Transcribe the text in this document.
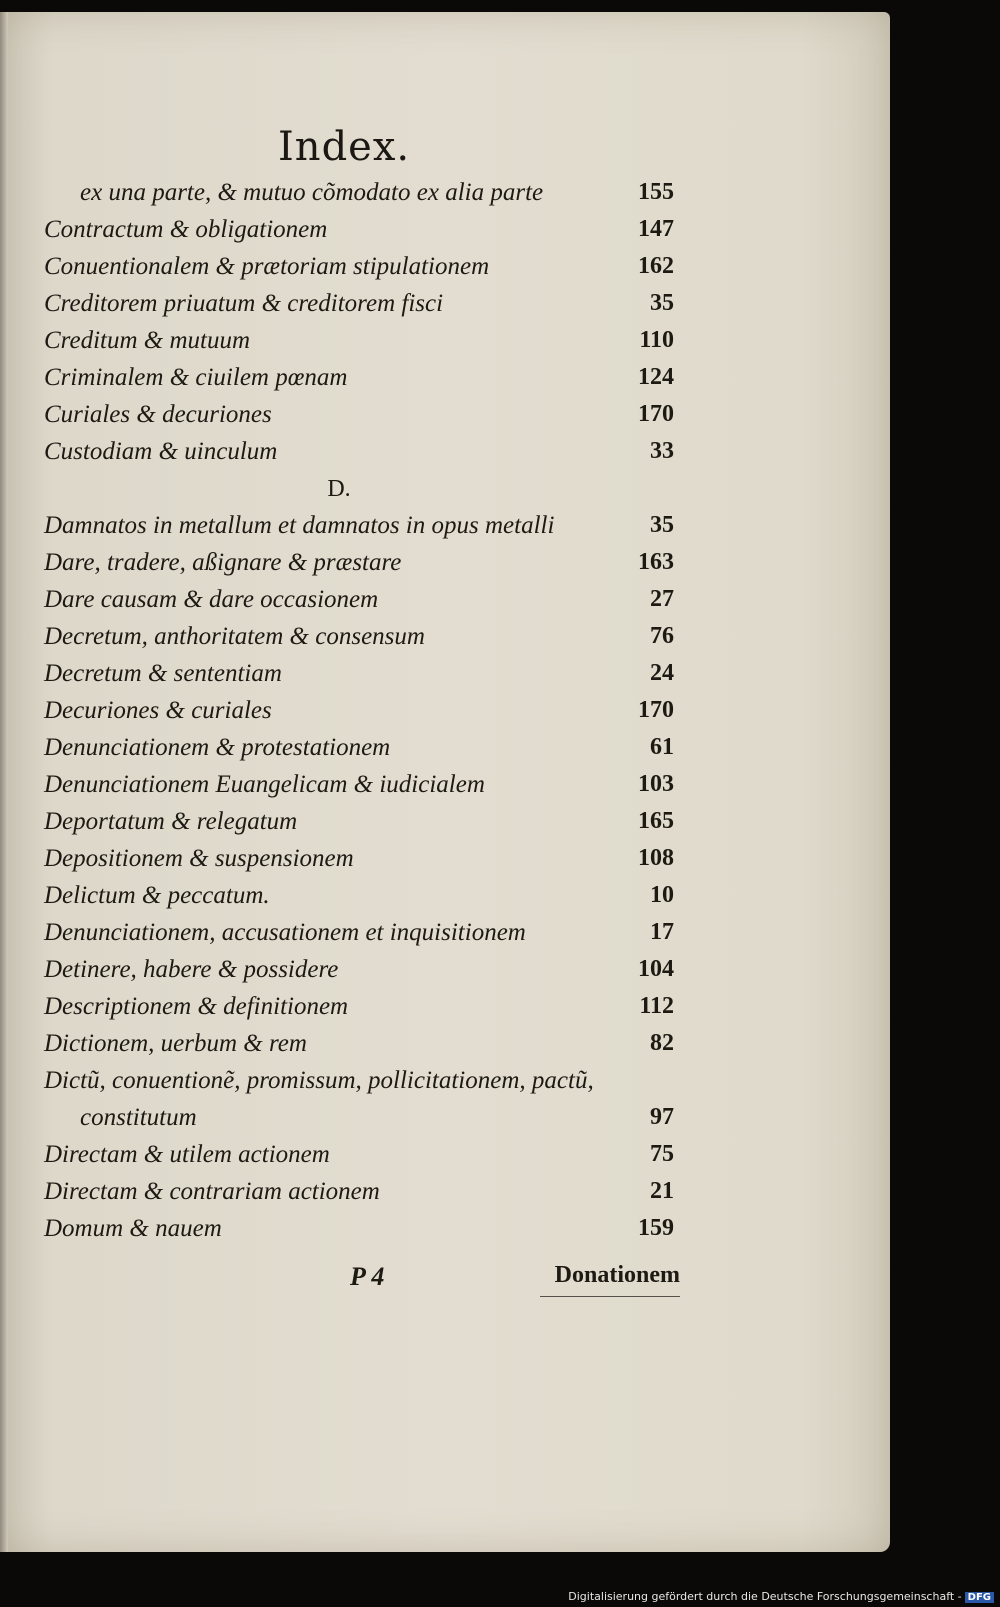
Index.
ex una parte, & mutuo cõmodato ex alia parte	155
Contractum & obligationem	147
Conuentionalem & prætoriam stipulationem	162
Creditorem priuatum & creditorem fisci	35
Creditum & mutuum	110
Criminalem & ciuilem pœnam	124
Curiales & decuriones	170
Custodiam & uinculum	33
D.
Damnatos in metallum et damnatos in opus metalli	35
Dare, tradere, aßignare & præstare	163
Dare causam & dare occasionem	27
Decretum, anthoritatem & consensum	76
Decretum & sententiam	24
Decuriones & curiales	170
Denunciationem & protestationem	61
Denunciationem Euangelicam & iudicialem	103
Deportatum & relegatum	165
Depositionem & suspensionem	108
Delictum & peccatum.	10
Denunciationem, accusationem et inquisitionem	17
Detinere, habere & possidere	104
Descriptionem & definitionem	112
Dictionem, uerbum & rem	82
Dictũ, conuentionẽ, promissum, pollicitationem, pactũ,
constitutum	97
Directam & utilem actionem	75
Directam & contrariam actionem	21
Domum & nauem	159
P 4	Donationem
Digitalisierung gefördert durch die Deutsche Forschungsgemeinschaft - DFG
